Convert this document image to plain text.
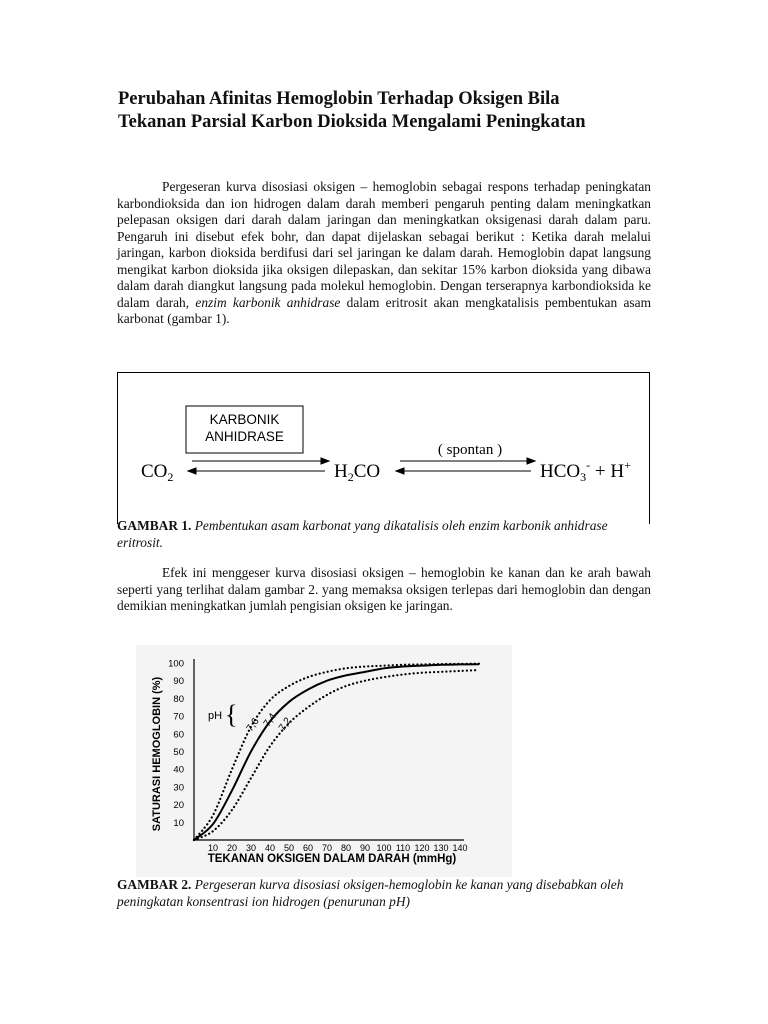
Perubahan Afinitas Hemoglobin Terhadap Oksigen Bila
Tekanan Parsial Karbon Dioksida Mengalami Peningkatan

Pergeseran kurva disosiasi oksigen – hemoglobin sebagai respons terhadap peningkatan karbondioksida dan ion hidrogen dalam darah memberi pengaruh penting dalam meningkatkan pelepasan oksigen dari darah dalam jaringan dan meningkatkan oksigenasi darah dalam paru. Pengaruh ini disebut efek bohr, dan dapat dijelaskan sebagai berikut : Ketika darah melalui jaringan, karbon dioksida berdifusi dari sel jaringan ke dalam darah. Hemoglobin dapat langsung mengikat karbon dioksida jika oksigen dilepaskan, dan sekitar 15% karbon dioksida yang dibawa dalam darah diangkut langsung pada molekul hemoglobin. Dengan terserapnya karbondioksida ke dalam darah, enzim karbonik anhidrase dalam eritrosit akan mengkatalisis pembentukan asam karbonat (gambar 1).

KARBONIK
ANHIDRASE
( spontan )
$CO_2$	$H_2CO$	$HCO_3^- + H^+$

GAMBAR 1. Pembentukan asam karbonat yang dikatalisis oleh enzim karbonik anhidrase eritrosit.

Efek ini menggeser kurva disosiasi oksigen – hemoglobin ke kanan dan ke arah bawah seperti yang terlihat dalam gambar 2. yang memaksa oksigen terlepas dari hemoglobin dan dengan demikian meningkatkan jumlah pengisian oksigen ke jaringan.

10
20
30
40
50
60
70
80
90
100
10 20 30 40 50 60 70 80 90 100 110 120 130 140
7,6 7,4
7,2
pH {
TEKANAN OKSIGEN DALAM DARAH (mmHg)
SATURASI HEMOGLOBIN (%)

GAMBAR 2. Pergeseran kurva disosiasi oksigen-hemoglobin ke kanan yang disebabkan oleh peningkatan konsentrasi ion hidrogen (penurunan pH)
